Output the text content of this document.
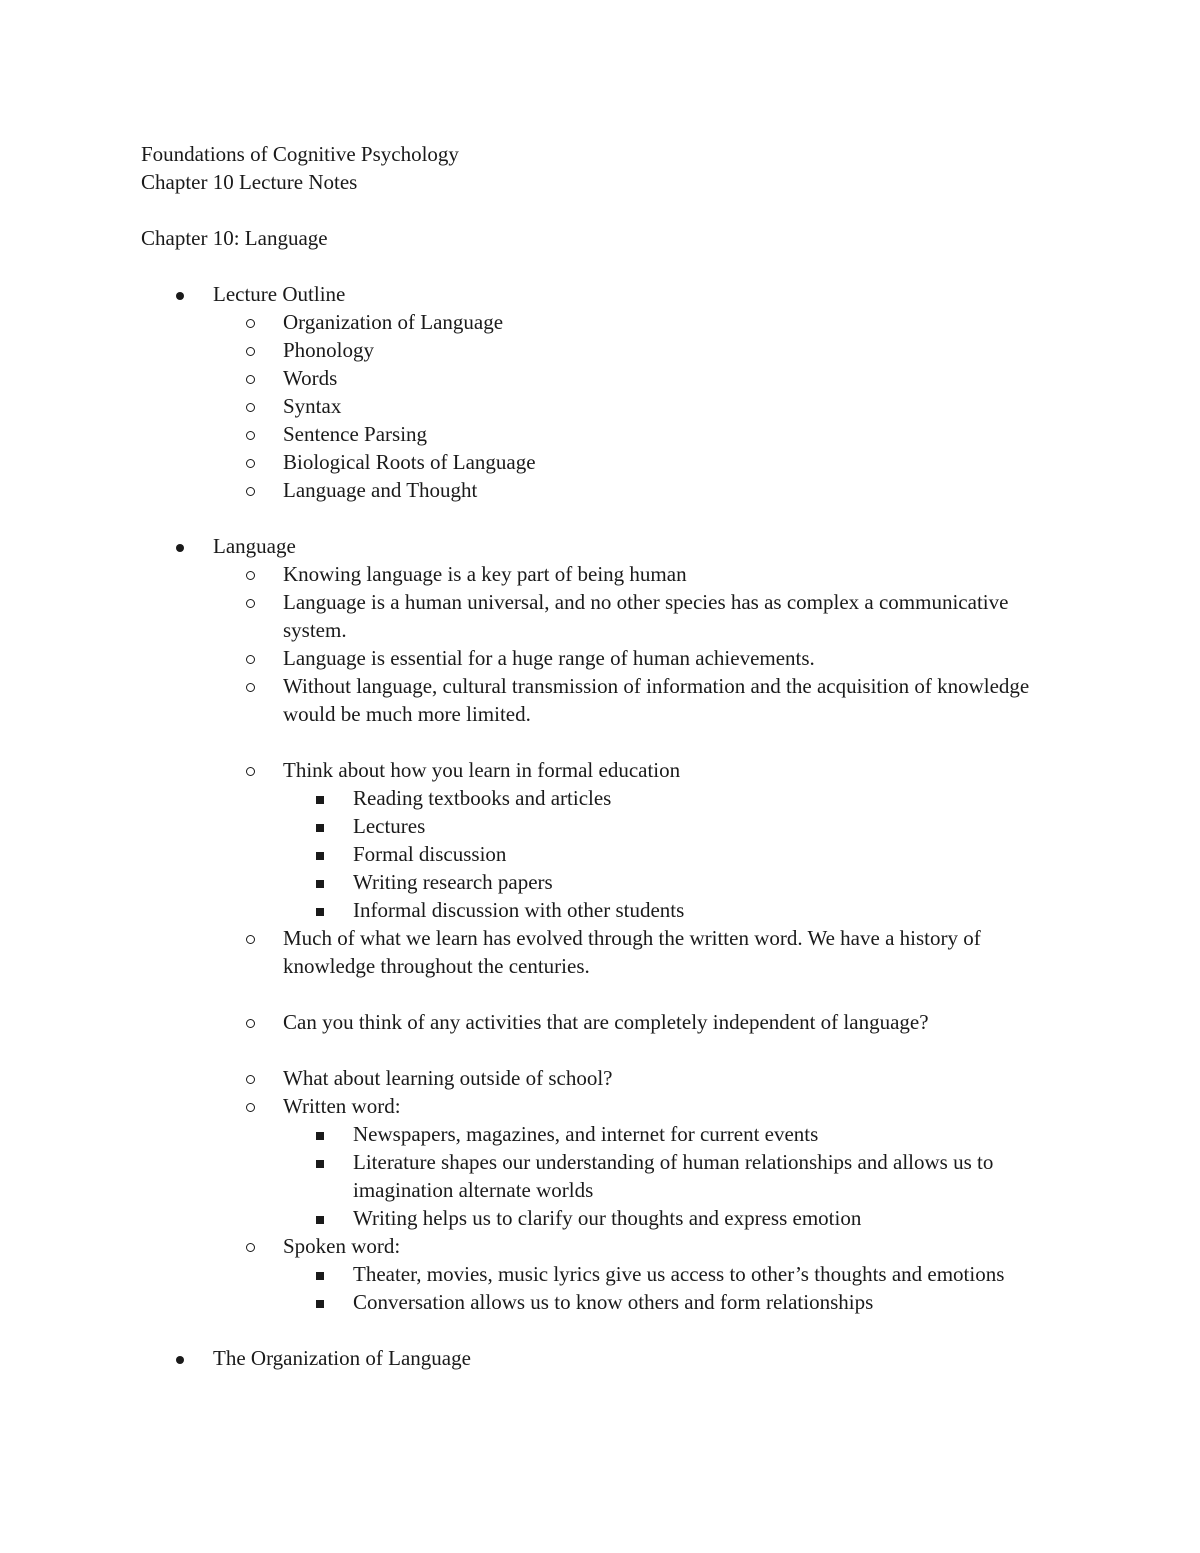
Foundations of Cognitive Psychology
Chapter 10 Lecture Notes
Chapter 10: Language
Lecture Outline
Organization of Language
Phonology
Words
Syntax
Sentence Parsing
Biological Roots of Language
Language and Thought
Language
Knowing language is a key part of being human
Language is a human universal, and no other species has as complex a communicative system.
Language is essential for a huge range of human achievements.
Without language, cultural transmission of information and the acquisition of knowledge would be much more limited.
Think about how you learn in formal education
Reading textbooks and articles
Lectures
Formal discussion
Writing research papers
Informal discussion with other students
Much of what we learn has evolved through the written word. We have a history of knowledge throughout the centuries.
Can you think of any activities that are completely independent of language?
What about learning outside of school?
Written word:
Newspapers, magazines, and internet for current events
Literature shapes our understanding of human relationships and allows us to imagination alternate worlds
Writing helps us to clarify our thoughts and express emotion
Spoken word:
Theater, movies, music lyrics give us access to other’s thoughts and emotions
Conversation allows us to know others and form relationships
The Organization of Language
